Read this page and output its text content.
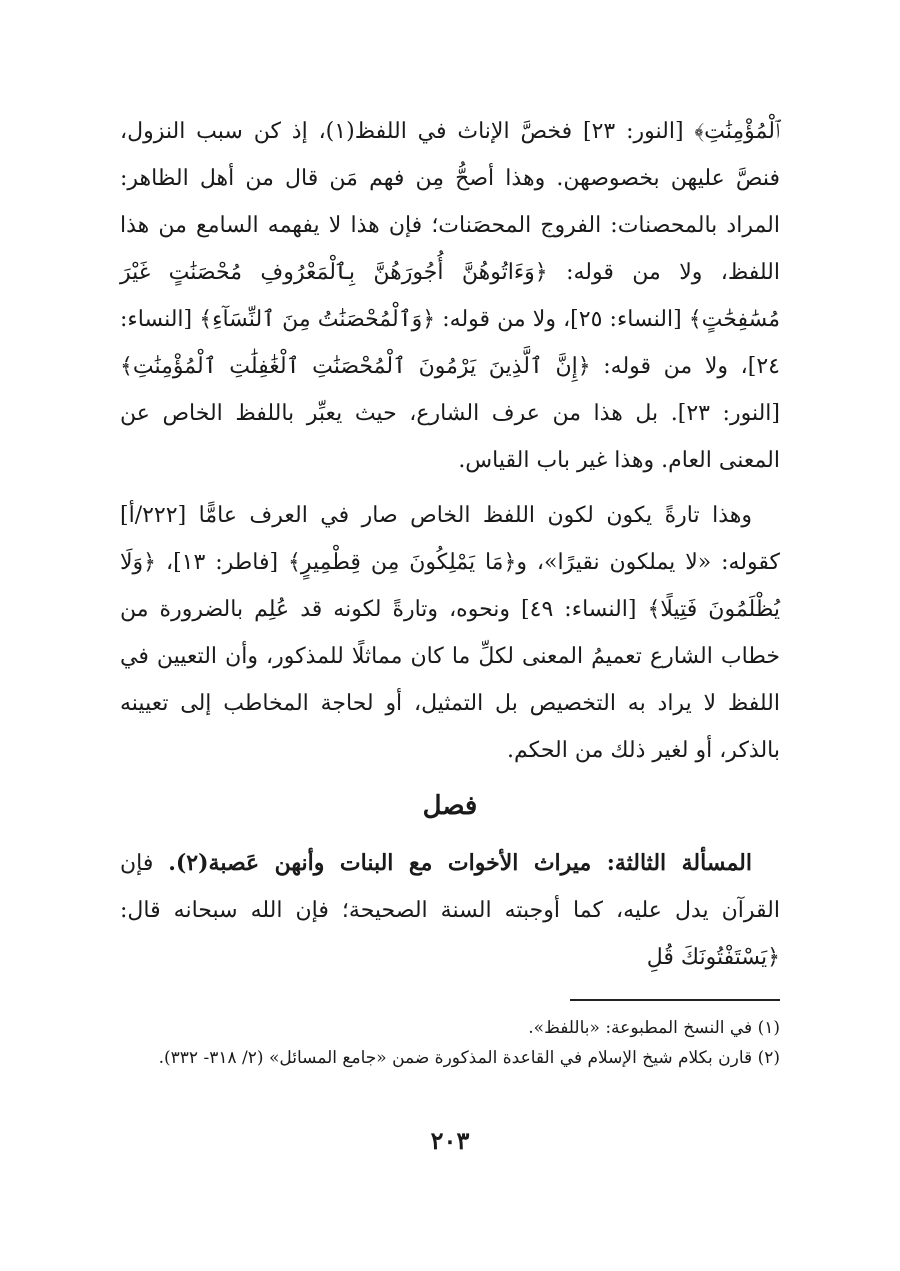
ﭐﻟْﻤُﺆْﻣِﻨَٰﺖِ﴾ [النور: ٢٣] فخصَّ الإناث في اللفظ(١)، إذ كن سبب النزول، فنصَّ عليهن بخصوصهن. وهذا أصحُّ مِن فهم مَن قال من أهل الظاهر: المراد بالمحصنات: الفروج المحصَنات؛ فإن هذا لا يفهمه السامع من هذا اللفظ، ولا من قوله: ﴿وَءَاتُوهُنَّ أُجُورَهُنَّ بِٱلْمَعْرُوفِ مُحْصَنَٰتٍ غَيْرَ مُسَٰفِحَٰتٍ﴾ [النساء: ٢٥]، ولا من قوله: ﴿وَٱلْمُحْصَنَٰتُ مِنَ ٱلنِّسَآءِ﴾ [النساء: ٢٤]، ولا من قوله: ﴿إِنَّ ٱلَّذِينَ يَرْمُونَ ٱلْمُحْصَنَٰتِ ٱلْغَٰفِلَٰتِ ٱلْمُؤْمِنَٰتِ﴾ [النور: ٢٣]. بل هذا من عرف الشارع، حيث يعبِّر باللفظ الخاص عن المعنى العام. وهذا غير باب القياس.

وهذا تارةً يكون لكون اللفظ الخاص صار في العرف عامًّا [٢٢٢/أ] كقوله: «لا يملكون نقيرًا»، و﴿مَا يَمْلِكُونَ مِن قِطْمِيرٍ﴾ [فاطر: ١٣]، ﴿وَلَا يُظْلَمُونَ فَتِيلًا﴾ [النساء: ٤٩] ونحوه، وتارةً لكونه قد عُلِم بالضرورة من خطاب الشارع تعميمُ المعنى لكلِّ ما كان مماثلًا للمذكور، وأن التعيين في اللفظ لا يراد به التخصيص بل التمثيل، أو لحاجة المخاطب إلى تعيينه بالذكر، أو لغير ذلك من الحكم.

فصل

المسألة الثالثة: ميراث الأخوات مع البنات وأنهن عَصبة(٢). فإن القرآن يدل عليه، كما أوجبته السنة الصحيحة؛ فإن الله سبحانه قال: ﴿يَسْتَفْتُونَكَ قُلِ

(١) في النسخ المطبوعة: «باللفظ».
(٢) قارن بكلام شيخ الإسلام في القاعدة المذكورة ضمن «جامع المسائل» (٢/ ٣١٨- ٣٣٢).
٢٠٣
